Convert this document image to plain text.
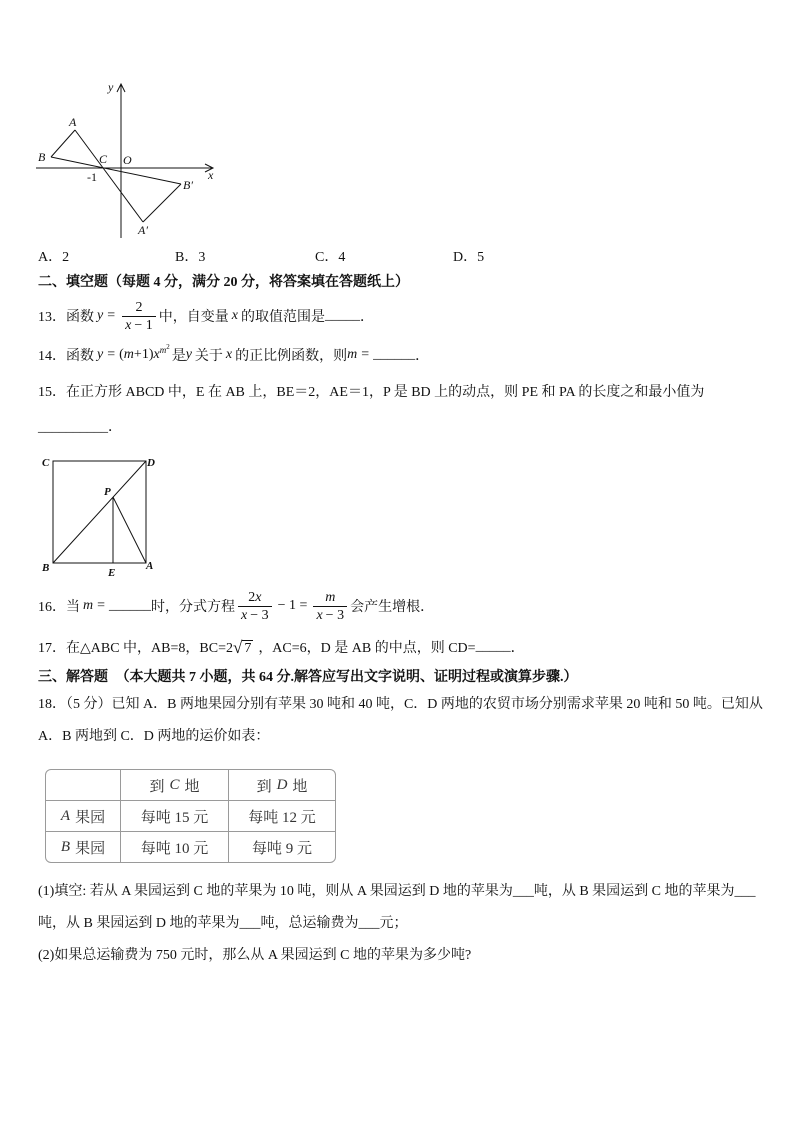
y
A
B	C O
-1	x
B′
A′
A．2	B．3	C．4	D．5
二、填空题（每题 4 分，满分 20 分，将答案填在答题纸上）
13．函数 $y = \frac{2}{x - 1}$ 中，自变量 x 的取值范围是 _____ ．
14．函数 y = ( m +1) x $m^2$
是 y 关于 x 的正比例函数，则 m = ______ ．
15．在正方形 ABCD 中，E 在 AB 上，BE＝2，AE＝1，P 是 BD 上的动点，则 PE 和 PA 的长度之和最小值为
__________．
C	D
P
B	E
A
16．当 m = ______ 时，分式方程 $\frac{2x}{x - 3} - 1 = \frac{m}{x - 3}$ 会产生增根．
17．在△ABC 中，AB=8，BC=2 √ 7 ，AC=6，D 是 AB 的中点，则 CD= _____ ．
三、解答题 （本大题共 7 小题，共 64 分.解答应写出文字说明、证明过程或演算步骤.）
18．（5 分）已知 A．B 两地果园分别有苹果 30 吨和 40 吨，C．D 两地的农贸市场分别需求苹果 20 吨和 50 吨。已知从
A．B 两地到 C．D 两地的运价如表：
到 C 地	到 D 地
A 果园	每吨 15 元	每吨 12 元
B 果园	每吨 10 元	每吨 9 元
(1)填空: 若从 A 果园运到 C 地的苹果为 10 吨，则从 A 果园运到 D 地的苹果为___吨，从 B 果园运到 C 地的苹果为___
吨，从 B 果园运到 D 地的苹果为___吨，总运输费为___元；
(2)如果总运输费为 750 元时，那么从 A 果园运到 C 地的苹果为多少吨?
